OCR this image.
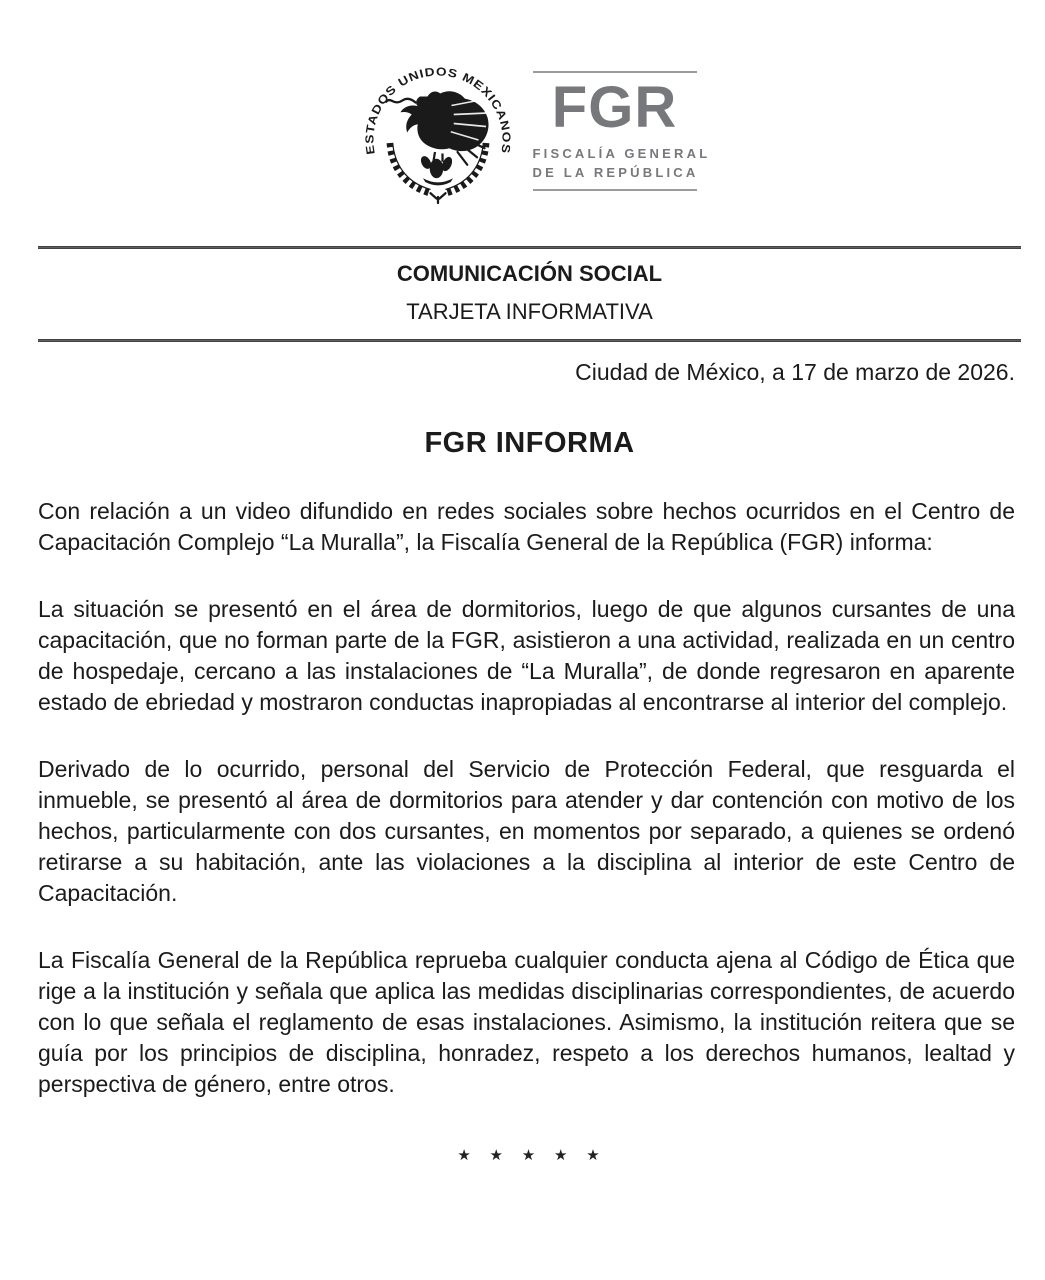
ESTADOS UNIDOS MEXICANOS
FGR
FISCALÍA GENERAL
DE LA REPÚBLICA
COMUNICACIÓN SOCIAL
TARJETA INFORMATIVA
Ciudad de México, a 17 de marzo de 2026.
FGR INFORMA

Con relación a un video difundido en redes sociales sobre hechos ocurridos en el Centro de Capacitación Complejo “La Muralla”, la Fiscalía General de la República (FGR) informa:

La situación se presentó en el área de dormitorios, luego de que algunos cursantes de una capacitación, que no forman parte de la FGR, asistieron a una actividad, realizada en un centro de hospedaje, cercano a las instalaciones de “La Muralla”, de donde regresaron en aparente estado de ebriedad y mostraron conductas inapropiadas al encontrarse al interior del complejo.

Derivado de lo ocurrido, personal del Servicio de Protección Federal, que resguarda el inmueble, se presentó al área de dormitorios para atender y dar contención con motivo de los hechos, particularmente con dos cursantes, en momentos por separado, a quienes se ordenó retirarse a su habitación, ante las violaciones a la disciplina al interior de este Centro de Capacitación.

La Fiscalía General de la República reprueba cualquier conducta ajena al Código de Ética que rige a la institución y señala que aplica las medidas disciplinarias correspondientes, de acuerdo con lo que señala el reglamento de esas instalaciones. Asimismo, la institución reitera que se guía por los principios de disciplina, honradez, respeto a los derechos humanos, lealtad y perspectiva de género, entre otros.

★ ★ ★ ★ ★
